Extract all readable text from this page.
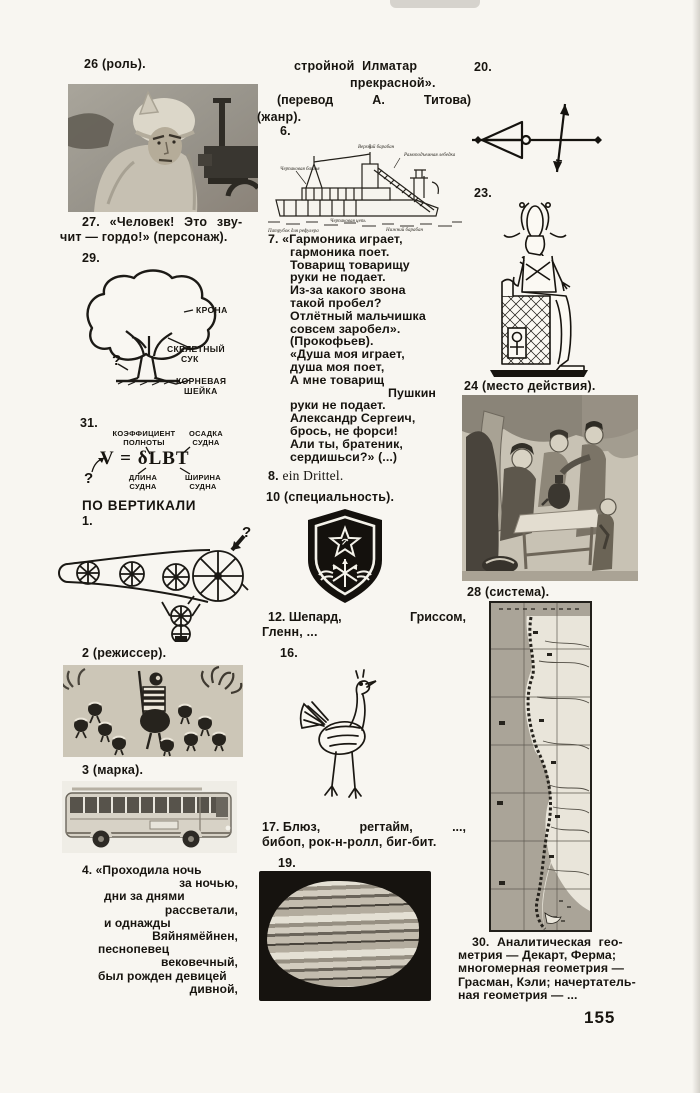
26 (роль).
27. «Человек! Это зву-
чит — гордо!» (персонаж).
29.
КРОНА
СКЕЛЕТНЫЙ
СУК
КОРНЕВАЯ
ШЕЙКА
?
31.
КОЭФФИЦИЕНТ
ПОЛНОТЫ
ОСАДКА
СУДНА
V = δLBT
ДЛИНА
СУДНА
ШИРИНА
СУДНА
?
ПО ВЕРТИКАЛИ
1.
?
2 (режиссер).
3 (марка).
4. «Проходила ночь
за ночью,
дни за днями
рассветали,
и однажды
Вяйнямёйнен,
песнопевец
вековечный,
был рожден девицей
дивной,
стройной Илматар
прекрасной».
(перевод	А.	Титова)
(жанр).
6.
Черпаковая башня
Верхний барабан
Рамоподъемная лебедка
Черпаковая цепь
Нижний барабан
Патрубок для рефулера
7. «Гармоника играет,
гармоника поет.
Товарищ товарищу
руки не подает.
Из-за какого звона
такой пробел?
Отлётный мальчишка
совсем заробел».
(Прокофьев).
«Душа моя играет,
душа моя поет,
А мне товарищ
Пушкин
руки не подает.
Александр Сергеич,
брось, не форси!
Али ты, братеник,
сердишьси?» (...)
8. ein Drittel.
10 (специальность).
12. Шепард,	Гриссом,
Гленн, ...
16.
17. Блюз,	регтайм,	...,
бибоп, рок-н-ролл, биг-бит.
19.
20.
23.
24 (место действия).
28 (система).
30. Аналитическая гео-
метрия — Декарт, Ферма;
многомерная геометрия —
Грасман, Кэли; начертатель-
ная геометрия — ...
155
